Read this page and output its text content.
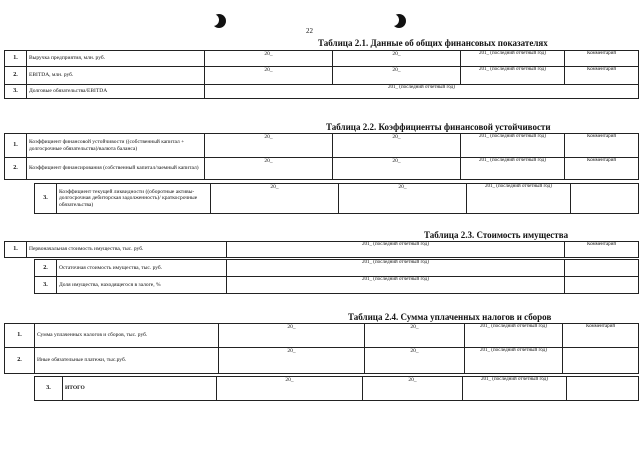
22
Таблица 2.1. Данные об общих финансовых показателях
1.	Выручка предприятия, млн. руб.	20_	20_	201_ (последний отчетный год)	Комментарий
2.	EBITDA, млн. руб.	20_	20_	201_ (последний отчетный год)	Комментарий
3.	Долговые обязательства/EBITDA	201_ (последний отчетный год)			
Таблица 2.2. Коэффициенты финансовой устойчивости
1.	Коэффициент финансовой устойчивости ((собственный капитал + долгосрочные обязательства)/валюта баланса)	20_	20_	201_ (последний отчетный год)	Комментарий
2.	Коэффициент финансирования (собственный капитал/заемный капитал)	20_	20_	201_ (последний отчетный год)	Комментарий
3.	Коэффициент текущей ликвидности ((оборотные активы-долгосрочная дебиторская задолженность)/ краткосрочные обязательства)	20_	20_	201_ (последний отчетный год)	
Таблица 2.3. Стоимость имущества
1.	Первоначальная стоимость имущества, тыс. руб.	201_ (последний отчетный год)	Комментарий
2.	Остаточная стоимость имущества, тыс. руб.	201_ (последний отчетный год)	
3.	Доля имущества, находящегося в залоге, %	201_ (последний отчетный год)	
Таблица 2.4. Сумма уплаченных налогов и сборов
1.	Сумма уплаченных налогов и сборов, тыс. руб.	20_	20_	201_ (последний отчетный год)	Комментарий
2.	Иные обязательные платежи, тыс.руб.	20_	20_	201_ (последний отчетный год)	
3.	ИТОГО	20_	20_	201_ (последний отчетный год)	
